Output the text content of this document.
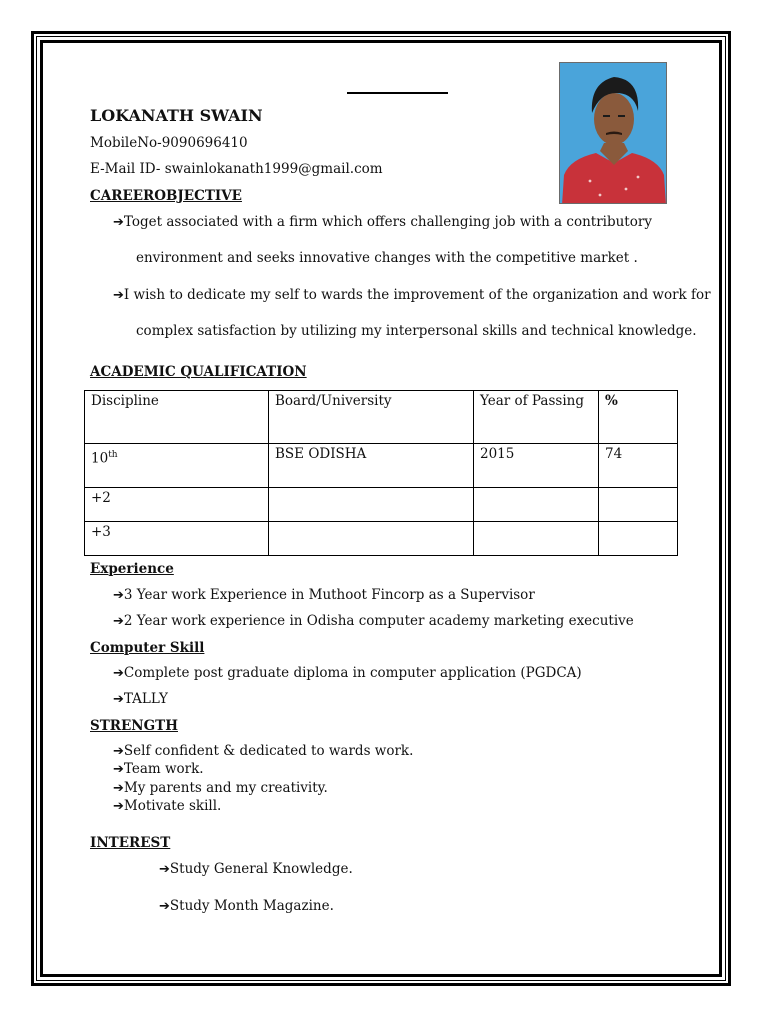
LOKANATH SWAIN
MobileNo-9090696410
E-Mail ID- swainlokanath1999@gmail.com
CAREEROBJECTIVE
➔Toget associated with a firm which offers challenging job with a contributory
environment and seeks innovative changes with the competitive market .
➔I wish to dedicate my self to wards the improvement of the organization and work for
complex satisfaction by utilizing my interpersonal skills and technical knowledge.
ACADEMIC QUALIFICATION
Discipline	Board/University	Year of Passing	%
10th	BSE ODISHA	2015	74
+2			
+3			
Experience
➔3 Year work Experience in Muthoot Fincorp as a Supervisor
➔2 Year work experience in Odisha computer academy marketing executive
Computer Skill
➔Complete post graduate diploma in computer application (PGDCA)
➔TALLY
STRENGTH
➔Self confident & dedicated to wards work.
➔Team work.
➔My parents and my creativity.
➔Motivate skill.
INTEREST
➔Study General Knowledge.
➔Study Month Magazine.
